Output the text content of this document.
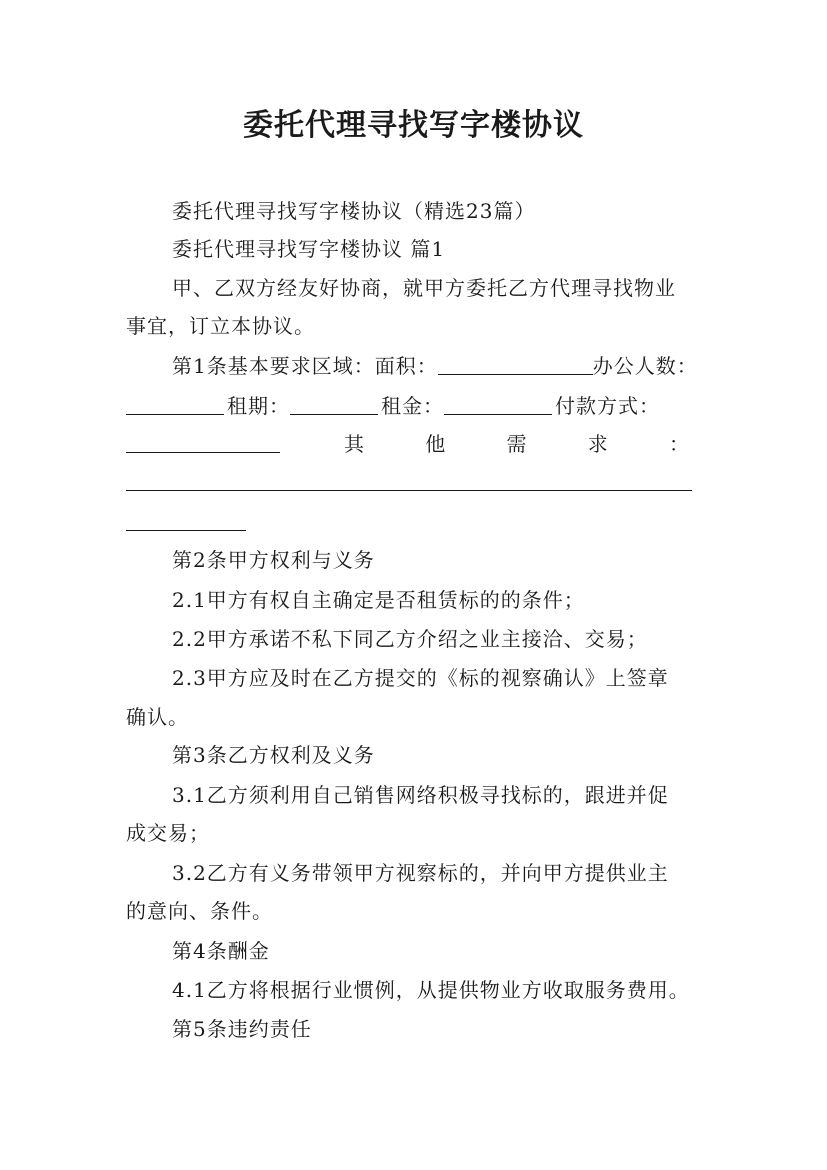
委托代理寻找写字楼协议
委托代理寻找写字楼协议（精选23篇）
委托代理寻找写字楼协议 篇1
甲、乙双方经友好协商，就甲方委托乙方代理寻找物业
事宜，订立本协议。
第1条基本要求区域：面积：	办公人数：
租期：	租金：	付款方式：
其	他	需	求	：
第2条甲方权利与义务
2.1甲方有权自主确定是否租赁标的的条件；
2.2甲方承诺不私下同乙方介绍之业主接洽、交易；
2.3甲方应及时在乙方提交的《标的视察确认》上签章
确认。
第3条乙方权利及义务
3.1乙方须利用自己销售网络积极寻找标的，跟进并促
成交易；
3.2乙方有义务带领甲方视察标的，并向甲方提供业主
的意向、条件。
第4条酬金
4.1乙方将根据行业惯例，从提供物业方收取服务费用。
第5条违约责任
